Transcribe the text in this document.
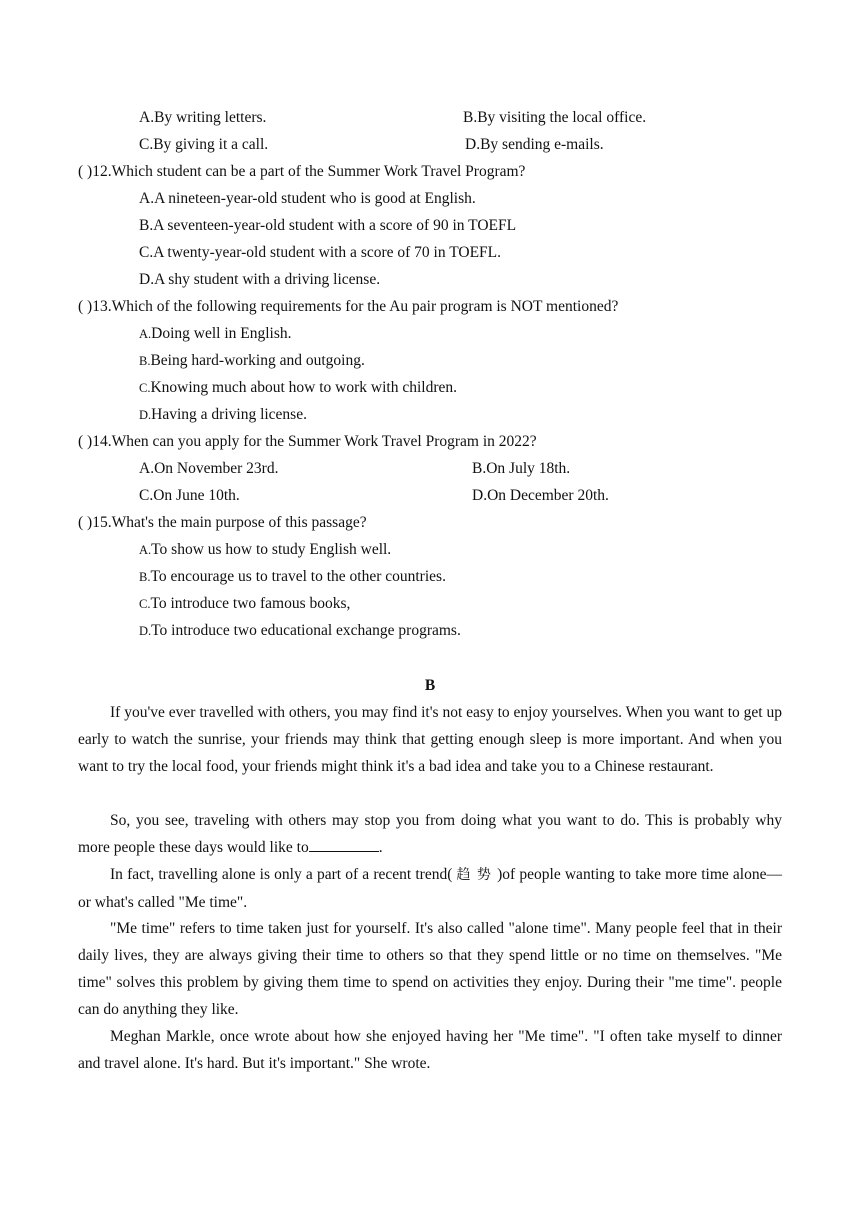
A.By writing letters.	B.By visiting the local office.
C.By giving it a call.	D.By sending e-mails.
( )12.Which student can be a part of the Summer Work Travel Program?
A.A nineteen-year-old student who is good at English.
B.A seventeen-year-old student with a score of 90 in TOEFL
C.A twenty-year-old student with a score of 70 in TOEFL.
D.A shy student with a driving license.
( )13.Which of the following requirements for the Au pair program is NOT mentioned?
A.Doing well in English.
B.Being hard-working and outgoing.
C.Knowing much about how to work with children.
D.Having a driving license.
( )14.When can you apply for the Summer Work Travel Program in 2022?
A.On November 23rd.	B.On July 18th.
C.On June 10th.	D.On December 20th.
( )15.What's the main purpose of this passage?
A.To show us how to study English well.
B.To encourage us to travel to the other countries.
C.To introduce two famous books,
D.To introduce two educational exchange programs.
B
If you've ever travelled with others, you may find it's not easy to enjoy yourselves. When you want to get up early to watch the sunrise, your friends may think that getting enough sleep is more important. And when you want to try the local food, your friends might think it's a bad idea and take you to a Chinese restaurant.
So, you see, traveling with others may stop you from doing what you want to do. This is probably why more people these days would like to	.
In fact, travelling alone is only a part of a recent trend( 趋势)of people wanting to take more time alone—or what's called "Me time".
"Me time" refers to time taken just for yourself. It's also called "alone time". Many people feel that in their daily lives, they are always giving their time to others so that they spend little or no time on themselves. "Me time" solves this problem by giving them time to spend on activities they enjoy. During their "me time". people can do anything they like.
Meghan Markle, once wrote about how she enjoyed having her "Me time". "I often take myself to dinner and travel alone. It's hard. But it's important." She wrote.
